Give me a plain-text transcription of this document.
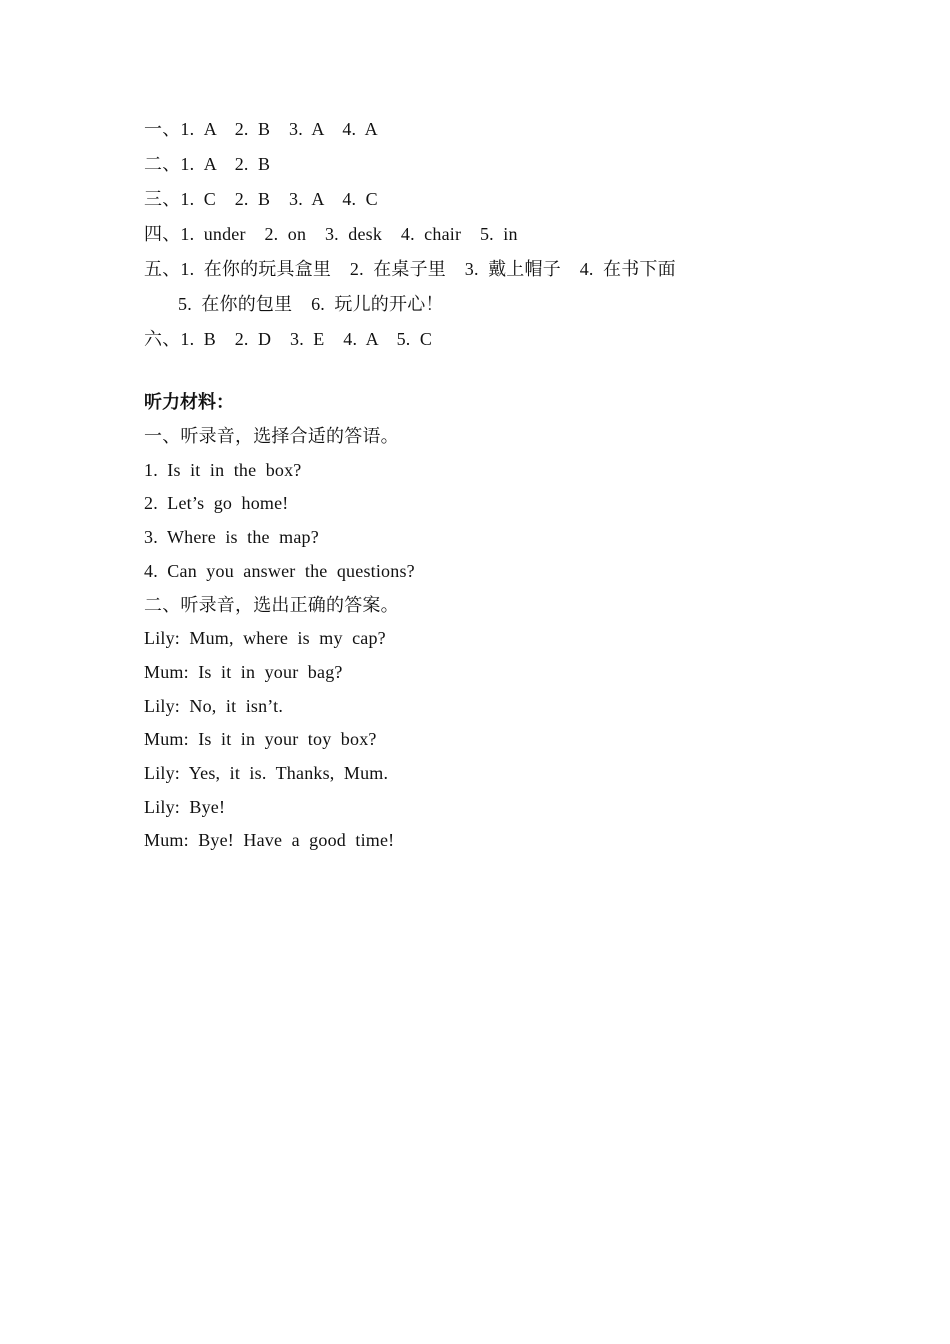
一、1.  A    2.  B    3.  A    4.  A
二、1.  A    2.  B
三、1.  C    2.  B    3.  A    4.  C
四、1.  under    2.  on    3.  desk    4.  chair    5.  in
五、1.  在你的玩具盒里    2.  在桌子里    3.  戴上帽子    4.  在书下面
5.  在你的包里    6.  玩儿的开心！
六、1.  B    2.  D    3.  E    4.  A    5.  C
听力材料：
一、听录音，选择合适的答语。
1.  Is  it  in  the  box?
2.  Let’s  go  home!
3.  Where  is  the  map?
4.  Can  you  answer  the  questions?
二、听录音，选出正确的答案。
Lily:  Mum,  where  is  my  cap?
Mum:  Is  it  in  your  bag?
Lily:  No,  it  isn’t.
Mum:  Is  it  in  your  toy  box?
Lily:  Yes,  it  is.  Thanks,  Mum.
Lily:  Bye!
Mum:  Bye!  Have  a  good  time!
